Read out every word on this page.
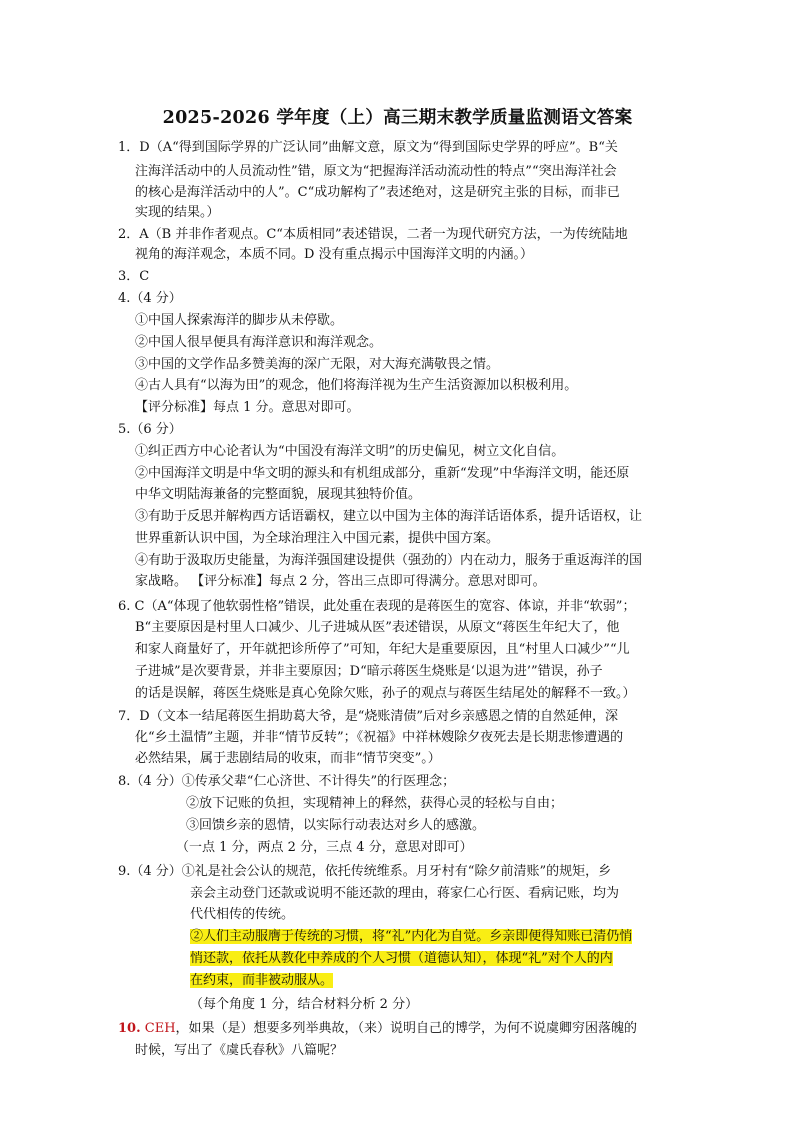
2025-2026 学年度（上）高三期末教学质量监测语文答案
1．D（A“得到国际学界的广泛认同”曲解文意，原文为“得到国际史学界的呼应”。B“关
注海洋活动中的人员流动性”错，原文为“把握海洋活动流动性的特点”“突出海洋社会
的核心是海洋活动中的人”。C“成功解构了”表述绝对，这是研究主张的目标，而非已
实现的结果。）
2．A（B 并非作者观点。C“本质相同”表述错误，二者一为现代研究方法，一为传统陆地
视角的海洋观念，本质不同。D 没有重点揭示中国海洋文明的内涵。）
3．C
4.（4 分）
①中国人探索海洋的脚步从未停歇。
②中国人很早便具有海洋意识和海洋观念。
③中国的文学作品多赞美海的深广无限，对大海充满敬畏之情。
④古人具有“以海为田”的观念，他们将海洋视为生产生活资源加以积极利用。
【评分标准】每点 1 分。意思对即可。
5.（6 分）
①纠正西方中心论者认为“中国没有海洋文明”的历史偏见，树立文化自信。
②中国海洋文明是中华文明的源头和有机组成部分，重新“发现”中华海洋文明，能还原
中华文明陆海兼备的完整面貌，展现其独特价值。
③有助于反思并解构西方话语霸权，建立以中国为主体的海洋话语体系，提升话语权，让
世界重新认识中国，为全球治理注入中国元素，提供中国方案。
④有助于汲取历史能量，为海洋强国建设提供（强劲的）内在动力，服务于重返海洋的国
家战略。 【评分标准】每点 2 分，答出三点即可得满分。意思对即可。
6. C（A“体现了他软弱性格”错误，此处重在表现的是蒋医生的宽容、体谅，并非“软弱”；
B“主要原因是村里人口减少、儿子进城从医”表述错误，从原文“蒋医生年纪大了，他
和家人商量好了，开年就把诊所停了”可知，年纪大是重要原因，且“村里人口减少”“儿
子进城”是次要背景，并非主要原因；D“暗示蒋医生烧账是‘以退为进’”错误，孙子
的话是误解，蒋医生烧账是真心免除欠账，孙子的观点与蒋医生结尾处的解释不一致。）
7．D（文本一结尾蒋医生捐助葛大爷，是“烧账清债”后对乡亲感恩之情的自然延伸，深
化“乡土温情”主题，并非“情节反转”；《祝福》中祥林嫂除夕夜死去是长期悲惨遭遇的
必然结果，属于悲剧结局的收束，而非“情节突变”。）
8.（4 分）①传承父辈“仁心济世、不计得失”的行医理念；
②放下记账的负担，实现精神上的释然，获得心灵的轻松与自由；
③回馈乡亲的恩情，以实际行动表达对乡人的感激。
（一点 1 分，两点 2 分，三点 4 分，意思对即可）
9.（4 分）①礼是社会公认的规范，依托传统维系。月牙村有“除夕前清账”的规矩，乡
亲会主动登门还款或说明不能还款的理由，蒋家仁心行医、看病记账，均为
代代相传的传统。
②人们主动服膺于传统的习惯，将“礼”内化为自觉。乡亲即便得知账已清仍悄
悄还款，依托从教化中养成的个人习惯（道德认知），体现“礼”对个人的内
在约束，而非被动服从。
（每个角度 1 分，结合材料分析 2 分）
10. CEH，如果（是）想要多列举典故，（来）说明自己的博学，为何不说虞卿穷困落魄的
时候，写出了《虞氏春秋》八篇呢？
